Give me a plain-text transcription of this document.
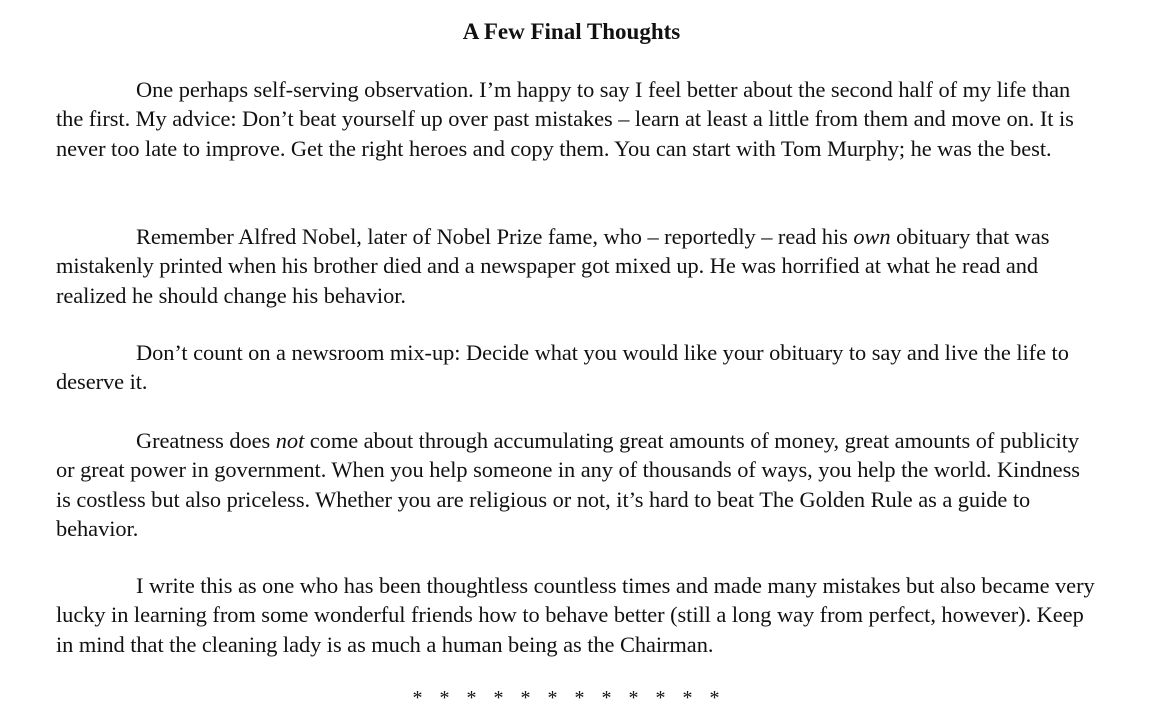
A Few Final Thoughts

One perhaps self-serving observation. I’m happy to say I feel better about the second half of my life than the first. My advice: Don’t beat yourself up over past mistakes – learn at least a little from them and move on. It is never too late to improve. Get the right heroes and copy them. You can start with Tom Murphy; he was the best.

Remember Alfred Nobel, later of Nobel Prize fame, who – reportedly – read his own obituary that was mistakenly printed when his brother died and a newspaper got mixed up. He was horrified at what he read and realized he should change his behavior.

Don’t count on a newsroom mix-up: Decide what you would like your obituary to say and live the life to deserve it.

Greatness does not come about through accumulating great amounts of money, great amounts of publicity or great power in government. When you help someone in any of thousands of ways, you help the world. Kindness is costless but also priceless. Whether you are religious or not, it’s hard to beat The Golden Rule as a guide to behavior.

I write this as one who has been thoughtless countless times and made many mistakes but also became very lucky in learning from some wonderful friends how to behave better (still a long way from perfect, however). Keep in mind that the cleaning lady is as much a human being as the Chairman.

* * * * * * * * * * * *
